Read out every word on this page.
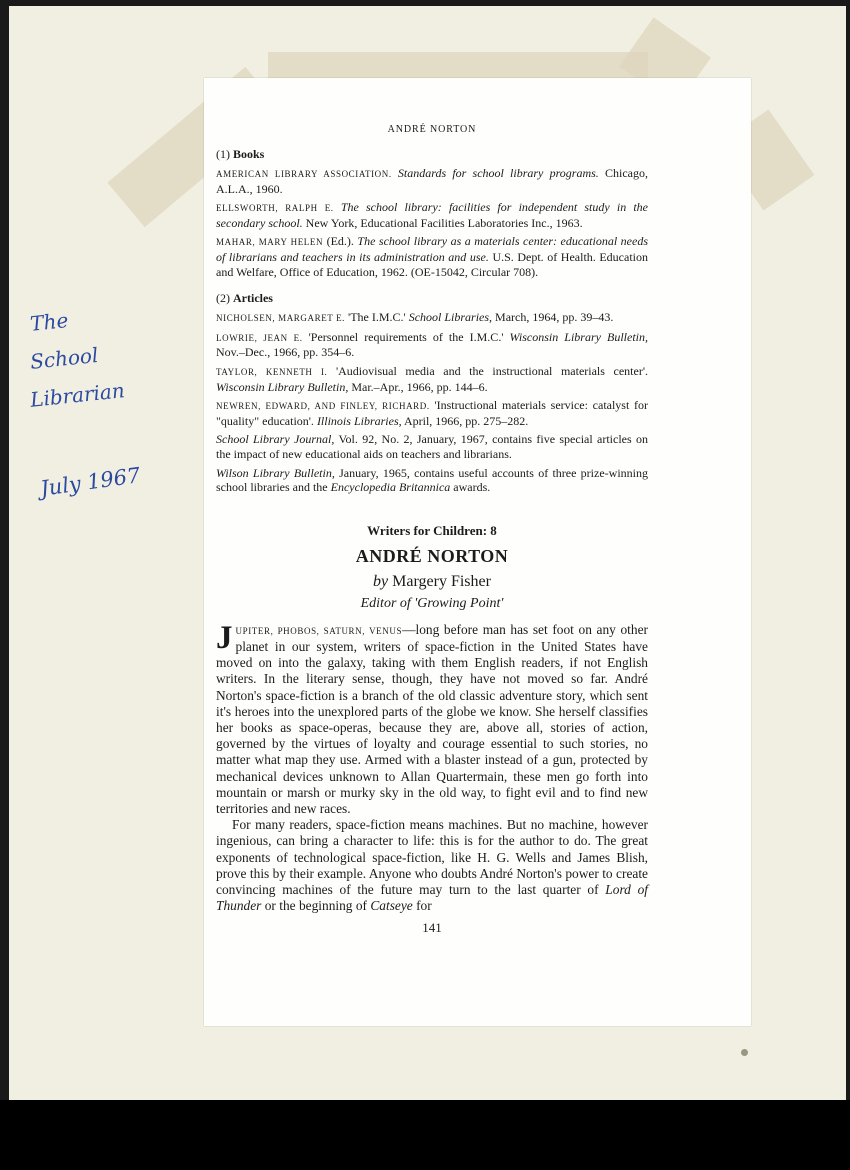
The
School
Librarian
July 1967
ANDRÉ NORTON
(1) Books
AMERICAN LIBRARY ASSOCIATION. Standards for school library programs. Chicago, A.L.A., 1960.
ELLSWORTH, RALPH E. The school library: facilities for independent study in the secondary school. New York, Educational Facilities Laboratories Inc., 1963.
MAHAR, MARY HELEN (Ed.). The school library as a materials center: educational needs of librarians and teachers in its administration and use. U.S. Dept. of Health. Education and Welfare, Office of Education, 1962. (OE-15042, Circular 708).
(2) Articles
NICHOLSEN, MARGARET E. 'The I.M.C.' School Libraries, March, 1964, pp. 39–43.
LOWRIE, JEAN E. 'Personnel requirements of the I.M.C.' Wisconsin Library Bulletin, Nov.–Dec., 1966, pp. 354–6.
TAYLOR, KENNETH I. 'Audiovisual media and the instructional materials center'. Wisconsin Library Bulletin, Mar.–Apr., 1966, pp. 144–6.
NEWREN, EDWARD, AND FINLEY, RICHARD. 'Instructional materials service: catalyst for "quality" education'. Illinois Libraries, April, 1966, pp. 275–282.
School Library Journal, Vol. 92, No. 2, January, 1967, contains five special articles on the impact of new educational aids on teachers and librarians.
Wilson Library Bulletin, January, 1965, contains useful accounts of three prize-winning school libraries and the Encyclopedia Britannica awards.
Writers for Children: 8
ANDRÉ NORTON
by Margery Fisher
Editor of 'Growing Point'

JUPITER, PHOBOS, SATURN, VENUS—long before man has set foot on any other planet in our system, writers of space-fiction in the United States have moved on into the galaxy, taking with them English readers, if not English writers. In the literary sense, though, they have not moved so far. André Norton's space-fiction is a branch of the old classic adventure story, which sent it's heroes into the unexplored parts of the globe we know. She herself classifies her books as space-operas, because they are, above all, stories of action, governed by the virtues of loyalty and courage essential to such stories, no matter what map they use. Armed with a blaster instead of a gun, protected by mechanical devices unknown to Allan Quartermain, these men go forth into mountain or marsh or murky sky in the old way, to fight evil and to find new territories and new races.

For many readers, space-fiction means machines. But no machine, however ingenious, can bring a character to life: this is for the author to do. The great exponents of technological space-fiction, like H. G. Wells and James Blish, prove this by their example. Anyone who doubts André Norton's power to create convincing machines of the future may turn to the last quarter of Lord of Thunder or the beginning of Catseye for

141
